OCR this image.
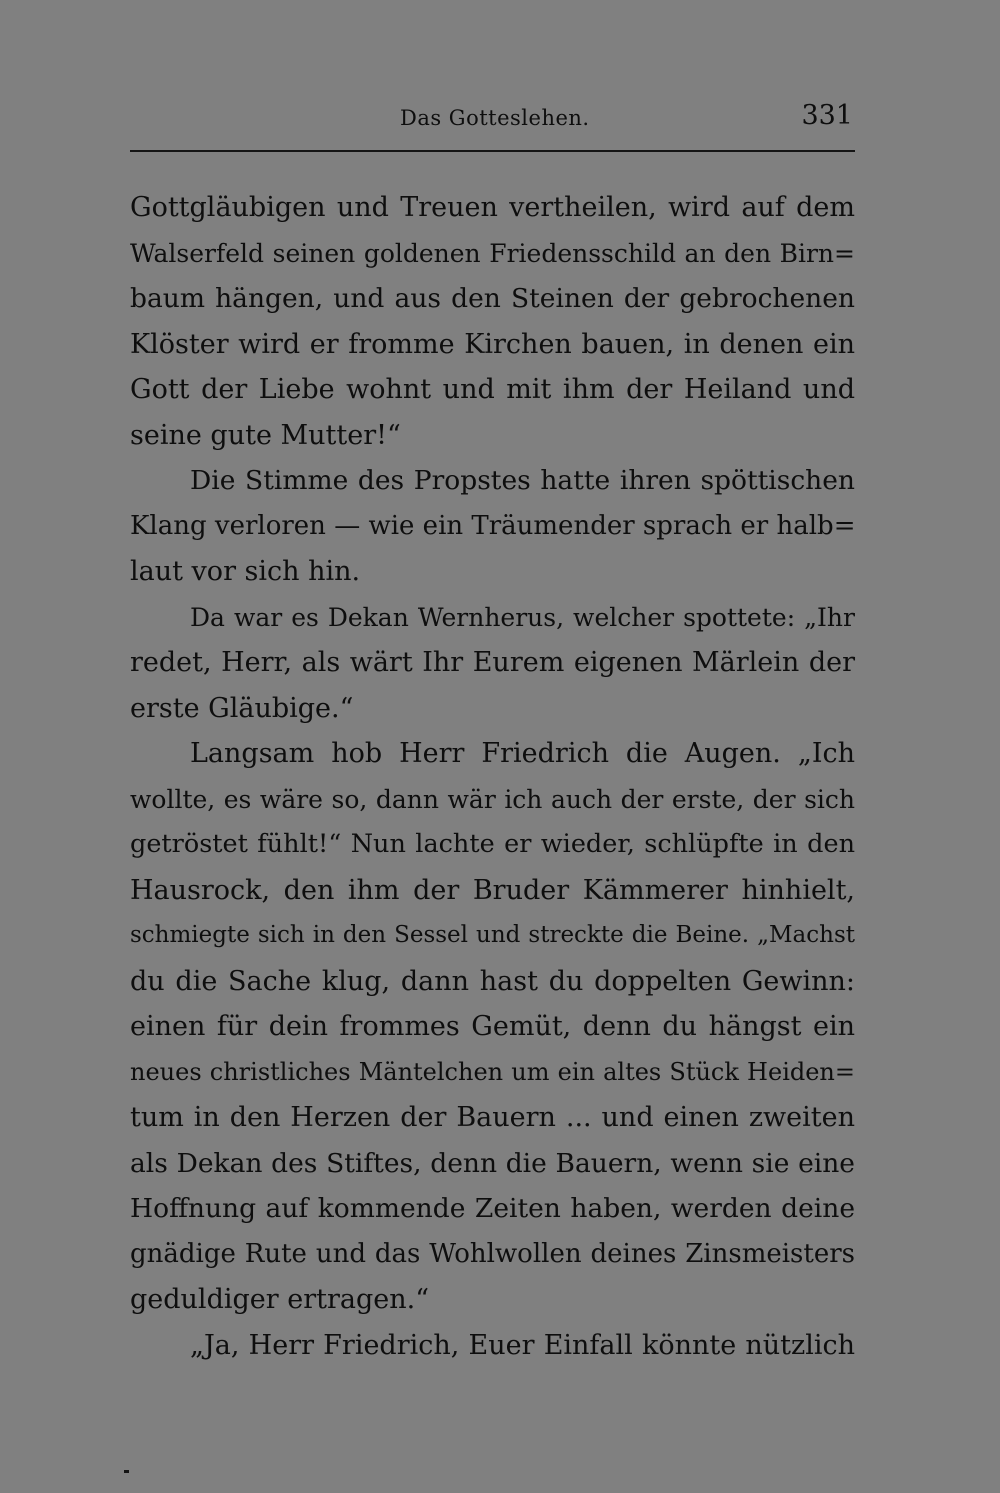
Das Gotteslehen.	331
Gottgläubigen und Treuen vertheilen, wird auf dem
Walserfeld seinen goldenen Friedensschild an den Birn=
baum hängen, und aus den Steinen der gebrochenen
Klöster wird er fromme Kirchen bauen, in denen ein
Gott der Liebe wohnt und mit ihm der Heiland und
seine gute Mutter!“
Die Stimme des Propstes hatte ihren spöttischen
Klang verloren — wie ein Träumender sprach er halb=
laut vor sich hin.
Da war es Dekan Wernherus, welcher spottete: „Ihr
redet, Herr, als wärt Ihr Eurem eigenen Märlein der
erste Gläubige.“
Langsam hob Herr Friedrich die Augen. „Ich
wollte, es wäre so, dann wär ich auch der erste, der sich
getröstet fühlt!“ Nun lachte er wieder, schlüpfte in den
Hausrock, den ihm der Bruder Kämmerer hinhielt,
schmiegte sich in den Sessel und streckte die Beine. „Machst
du die Sache klug, dann hast du doppelten Gewinn:
einen für dein frommes Gemüt, denn du hängst ein
neues christliches Mäntelchen um ein altes Stück Heiden=
tum in den Herzen der Bauern ... und einen zweiten
als Dekan des Stiftes, denn die Bauern, wenn sie eine
Hoffnung auf kommende Zeiten haben, werden deine
gnädige Rute und das Wohlwollen deines Zinsmeisters
geduldiger ertragen.“
„Ja, Herr Friedrich, Euer Einfall könnte nützlich
